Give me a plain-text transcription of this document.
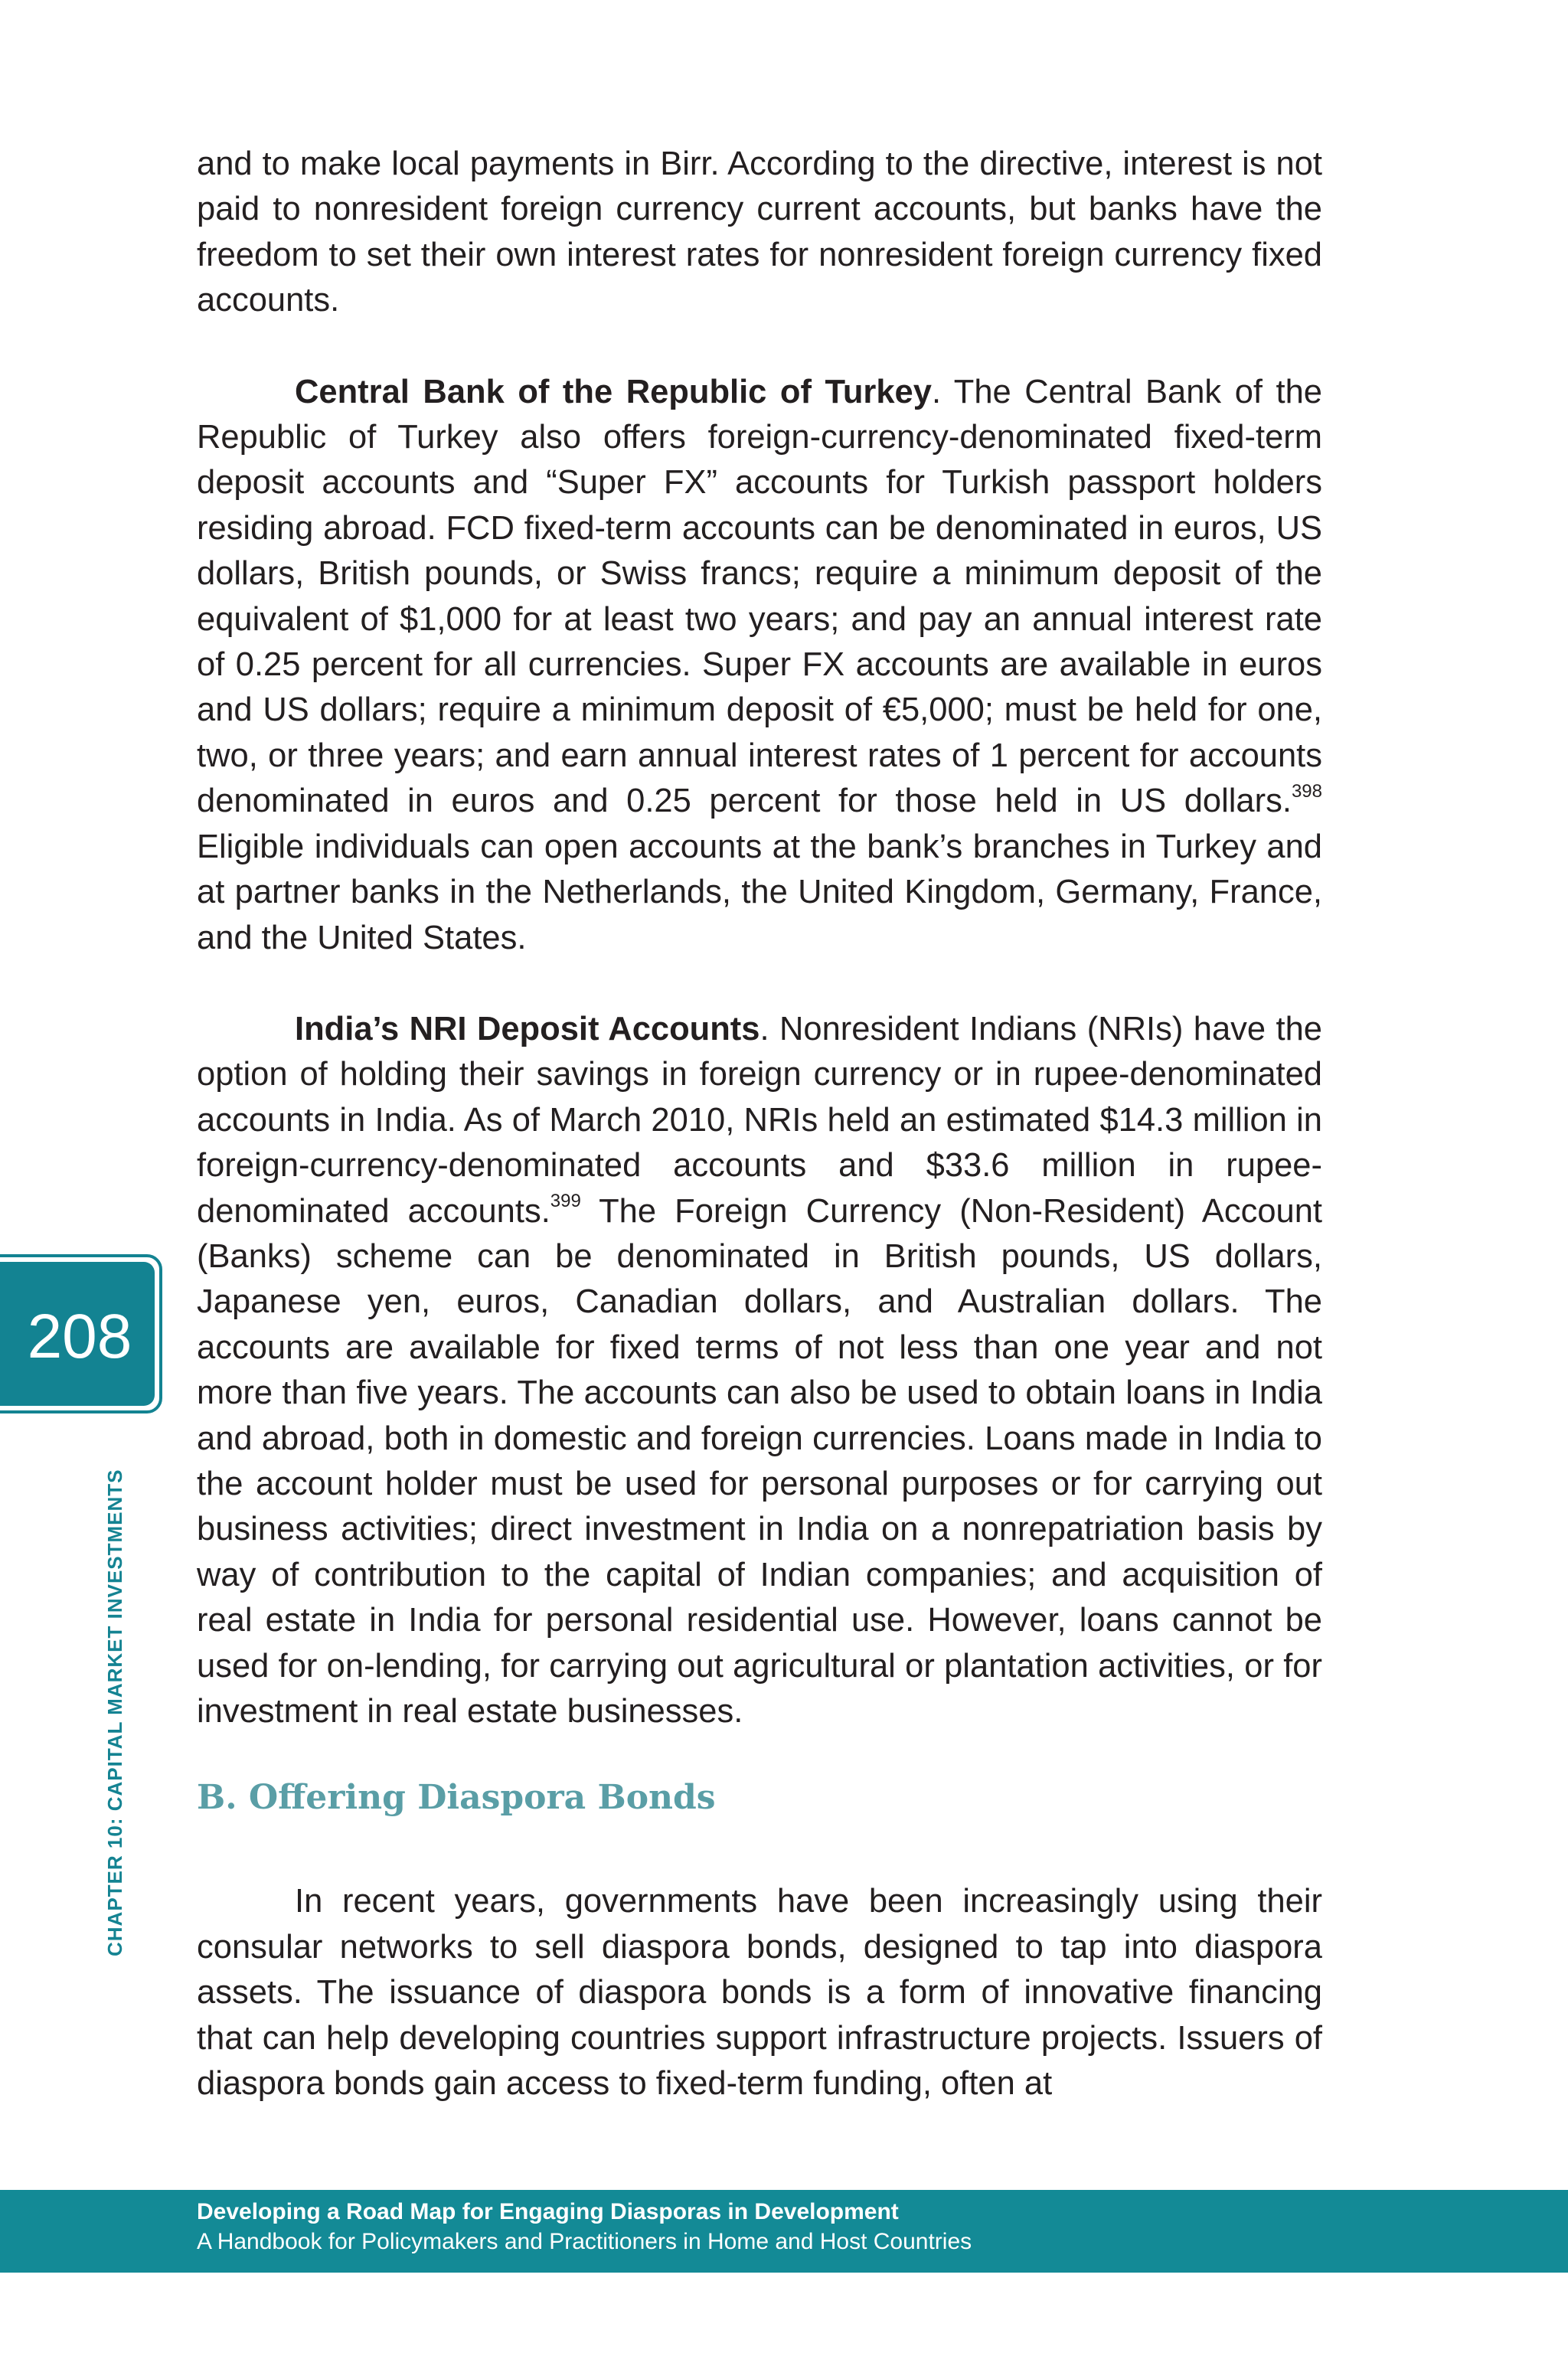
and to make local payments in Birr. According to the directive, interest is not paid to nonresident foreign currency current accounts, but banks have the freedom to set their own interest rates for nonresident foreign currency fixed accounts.

Central Bank of the Republic of Turkey. The Central Bank of the Republic of Turkey also offers foreign-currency-denominated fixed-term deposit accounts and “Super FX” accounts for Turkish passport holders residing abroad. FCD fixed-term accounts can be denominated in euros, US dollars, British pounds, or Swiss francs; require a minimum deposit of the equivalent of $1,000 for at least two years; and pay an annual interest rate of 0.25 percent for all currencies. Super FX accounts are available in euros and US dollars; require a minimum deposit of €5,000; must be held for one, two, or three years; and earn annual interest rates of 1 percent for accounts denominated in euros and 0.25 percent for those held in US dollars.$^{398}$ Eligible individuals can open accounts at the bank’s branches in Turkey and at partner banks in the Netherlands, the United Kingdom, Germany, France, and the United States.

India’s NRI Deposit Accounts. Nonresident Indians (NRIs) have the option of holding their savings in foreign currency or in rupee-denominated accounts in India. As of March 2010, NRIs held an estimated $14.3 million in foreign-currency-denominated accounts and $33.6 million in rupee-denominated accounts.$^{399}$ The Foreign Currency (Non-Resident) Account (Banks) scheme can be denominated in British pounds, US dollars, Japanese yen, euros, Canadian dollars, and Australian dollars. The accounts are available for fixed terms of not less than one year and not more than five years. The accounts can also be used to obtain loans in India and abroad, both in domestic and foreign currencies. Loans made in India to the account holder must be used for personal purposes or for carrying out business activities; direct investment in India on a nonrepatriation basis by way of contribution to the capital of Indian companies; and acquisition of real estate in India for personal residential use. However, loans cannot be used for on-lending, for carrying out agricultural or plantation activities, or for investment in real estate businesses.

B. Offering Diaspora Bonds

In recent years, governments have been increasingly using their consular networks to sell diaspora bonds, designed to tap into diaspora assets. The issuance of diaspora bonds is a form of innovative financing that can help developing countries support infrastructure projects. Issuers of diaspora bonds gain access to fixed-term funding, often at

208
CHAPTER 10: CAPITAL MARKET INVESTMENTS
Developing a Road Map for Engaging Diasporas in Development
A Handbook for Policymakers and Practitioners in Home and Host Countries
